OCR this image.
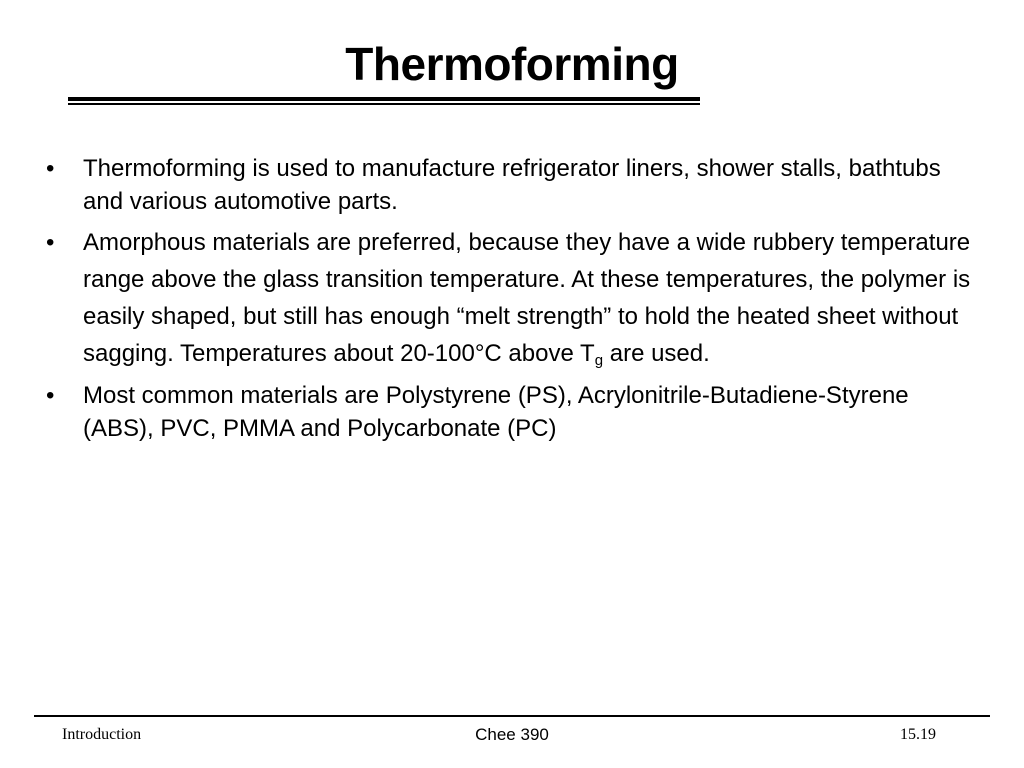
Thermoforming
• Thermoforming is used to manufacture refrigerator liners, shower stalls, bathtubs and various automotive parts.
• Amorphous materials are preferred, because they have a wide rubbery temperature range above the glass transition temperature. At these temperatures, the polymer is easily shaped, but still has enough “melt strength” to hold the heated sheet without sagging. Temperatures about 20-100°C above $T_g$ are used.
• Most common materials are Polystyrene (PS), Acrylonitrile-Butadiene-Styrene (ABS), PVC, PMMA and Polycarbonate (PC)
Introduction	Chee 390	15.19
